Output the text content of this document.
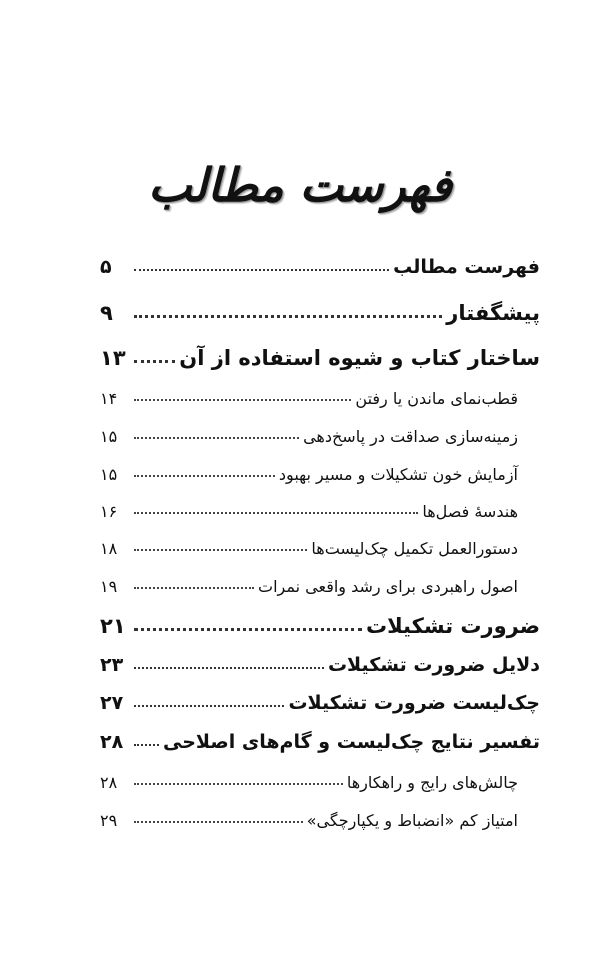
فهرست مطالب
فهرست مطالب
۵
پیشگفتار
۹
ساختار کتاب و شیوه استفاده از آن
۱۳
قطب‌نمای ماندن یا رفتن
۱۴
زمینه‌سازی صداقت در پاسخ‌دهی
۱۵
آزمایش خون تشکیلات و مسیر بهبود
۱۵
هندسهٔ فصل‌ها
۱۶
دستورالعمل تکمیل چک‌لیست‌ها
۱۸
اصول راهبردی برای رشد واقعی نمرات
۱۹
ضرورت تشکیلات
۲۱
دلایل ضرورت تشکیلات
۲۳
چک‌لیست ضرورت تشکیلات
۲۷
تفسیر نتایج چک‌لیست و گام‌های اصلاحی
۲۸
چالش‌های رایج و راهکارها
۲۸
امتیاز کم «انضباط و یکپارچگی»
۲۹
